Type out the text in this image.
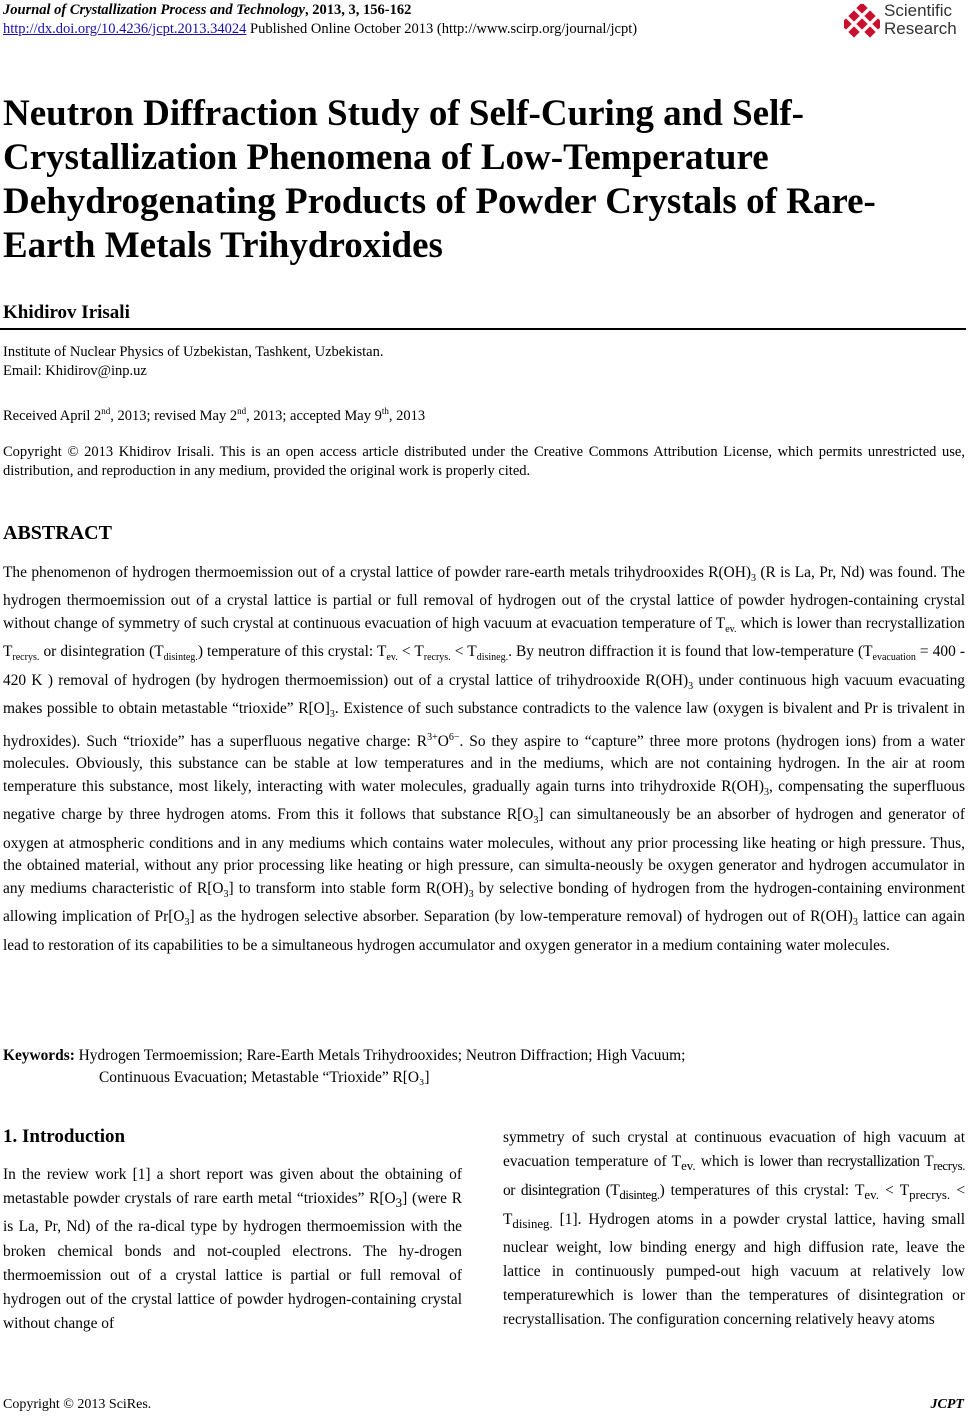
Journal of Crystallization Process and Technology, 2013, 3, 156-162
http://dx.doi.org/10.4236/jcpt.2013.34024 Published Online October 2013 (http://www.scirp.org/journal/jcpt)
Scientific
Research
Neutron Diffraction Study of Self-Curing and Self-Crystallization Phenomena of Low-Temperature Dehydrogenating Products of Powder Crystals of Rare-Earth Metals Trihydroxides
Khidirov Irisali
Institute of Nuclear Physics of Uzbekistan, Tashkent, Uzbekistan.
Email: Khidirov@inp.uz
Received April 2nd, 2013; revised May 2nd, 2013; accepted May 9th, 2013
Copyright © 2013 Khidirov Irisali. This is an open access article distributed under the Creative Commons Attribution License, which permits unrestricted use, distribution, and reproduction in any medium, provided the original work is properly cited.
ABSTRACT
The phenomenon of hydrogen thermoemission out of a crystal lattice of powder rare-earth metals trihydrooxides $R(OH)_3$ (R is La, Pr, Nd) was found. The hydrogen thermoemission out of a crystal lattice is partial or full removal of hydrogen out of the crystal lattice of powder hydrogen-containing crystal without change of symmetry of such crystal at continuous evacuation of high vacuum at evacuation temperature of $T_{ev.}$ which is lower than recrystallization $T_{recrys.}$ or disintegration $(T_{disinteg.})$ temperature of this crystal: $T_{ev.} < T_{recrys.} < T_{disineg.}$. By neutron diffraction it is found that low-temperature ($T_{evacuation} = 400 - 420$ K ) removal of hydrogen (by hydrogen thermoemission) out of a crystal lattice of trihydrooxide $R(OH)_3$ under continuous high vacuum evacuating makes possible to obtain metastable “trioxide” $R[O]_3$. Existence of such substance contradicts to the valence law (oxygen is bivalent and Pr is trivalent in hydroxides). Such “trioxide” has a superfluous negative charge: $R^{3+}O^{6-}$. So they aspire to “capture” three more protons (hydrogen ions) from a water molecules. Obviously, this substance can be stable at low temperatures and in the mediums, which are not containing hydrogen. In the air at room temperature this substance, most likely, interacting with water molecules, gradually again turns into trihydroxide $R(OH)_3$, compensating the superfluous negative charge by three hydrogen atoms. From this it follows that substance $R[O_3]$ can simultaneously be an absorber of hydrogen and generator of oxygen at atmospheric conditions and in any mediums which contains water molecules, without any prior processing like heating or high pressure. Thus, the obtained material, without any prior processing like heating or high pressure, can simulta-neously be oxygen generator and hydrogen accumulator in any mediums characteristic of $R[O_3]$ to transform into stable form $R(OH)_3$ by selective bonding of hydrogen from the hydrogen-containing environment allowing implication of $Pr[O_3]$ as the hydrogen selective absorber. Separation (by low-temperature removal) of hydrogen out of $R(OH)_3$ lattice can again lead to restoration of its capabilities to be a simultaneous hydrogen accumulator and oxygen generator in a medium containing water molecules.
Keywords: Hydrogen Termoemission; Rare-Earth Metals Trihydrooxides; Neutron Diffraction; High Vacuum;
Continuous Evacuation; Metastable “Trioxide” R[O₃]
1. Introduction
In the review work [1] a short report was given about the obtaining of metastable powder crystals of rare earth metal “trioxides” $R[O_3]$ (were R is La, Pr, Nd) of the ra-dical type by hydrogen thermoemission with the broken chemical bonds and not-coupled electrons. The hy-drogen thermoemission out of a crystal lattice is partial or full removal of hydrogen out of the crystal lattice of powder hydrogen-containing crystal without change of
symmetry of such crystal at continuous evacuation of high vacuum at evacuation temperature of $T_{ev.}$ which is lower than recrystallization $T_{recrys.}$ or disintegration $(T_{disinteg.})$ temperatures of this crystal: $T_{ev.} < T_{precrys.} < T_{disineg.}$ [1]. Hydrogen atoms in a powder crystal lattice, having small nuclear weight, low binding energy and high diffusion rate, leave the lattice in continuously pumped-out high vacuum at relatively low temperaturewhich is lower than the temperatures of disintegration or recrystallisation. The configuration concerning relatively heavy atoms
Copyright © 2013 SciRes.	JCPT
